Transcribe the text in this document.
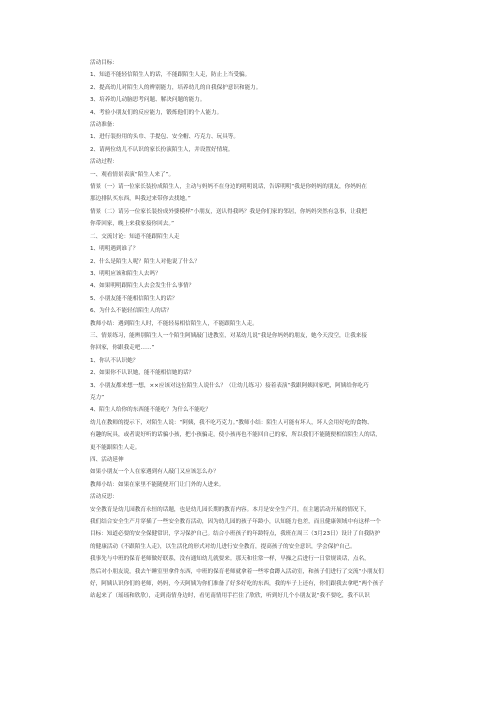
活动目标：
1、知道不能轻信陌生人的话，不能跟陌生人走，防止上当受骗。
2、提高幼儿对陌生人的辨别能力，培养幼儿的自我保护意识和能力。
3、培养幼儿动脑思考问题、解决问题的能力。
4、考验小朋友们的反应能力，锻炼他们的个人能力。
活动准备：
1、进行装扮用的头巾、手提包、安全帽、巧克力、玩具等。
2、请两位幼儿不认识的家长扮演陌生人，并设置好情境。
活动过程：
一、观看情景表演“陌生人来了”。
情景（一）请一位家长装扮成陌生人，主动与妈妈不在身边的明明说话，告诉明明“我是你妈妈的朋友，你妈妈在
那边排队买东西，叫我过来带你去找她。”
情景（二）请另一位家长装扮成外婆模样“小朋友，送认得我吗？我是你们家的邻居，你妈妈突然有急事，让我把
你带回家，晚上来我家接你回去。”
二、交流讨论：知道不能跟陌生人走
1、明明遇到谁了？
2、什么是陌生人呢？陌生人对他说了什么？
3、明明应该和陌生人去吗？
4、如果明明跟陌生人去会发生什么事情？
5、小朋友能不能相信陌生人的话？
6、为什么不能轻信陌生人的话？
教师小结：遇到陌生人时，不能轻易相信陌生人，不能跟陌生人走。
三、情景练习，能辨别陌生人一个陌生阿姨敲门进教室，对某幼儿说“我是你妈妈的朋友，她今天没空，让我来接
你回家，你跟我走吧……”
1、你认不认识她？
2、如果你不认识她，能不能相信她的话？
3、小朋友都来想一想，××应该对这位陌生人说什么？（让幼儿练习）接着表演“我跟阿姨回家吧，阿姨给你吃巧
克力”
4、陌生人给你的东西能不能吃？为什么不能吃？
幼儿在教师的提示下，对陌生人说：“阿姨，我不吃巧克力。”教师小结：陌生人可能有坏人，坏人会用好吃的食物、
有趣的玩具，或者说好听的话骗小孩，把小孩骗走，使小孩再也不能回自己的家，所以我们不能随便相信陌生人的话，
更不能跟陌生人走。
四、活动延伸
如果小朋友一个人在家遇到有人敲门又应该怎么办？
教师小结：如果在家里不能随便开门让门外的人进来。
活动反思：
安全教育是幼儿园教育永恒的话题，也是幼儿园长期的教育内容。本月是安全生产月，在主题活动开展的情况下，
我们结合安全生产月穿插了一些安全教育活动，因为幼儿园的孩子年龄小，认知能力也差，而且健康领域中有这样一个
目标：知道必要的安全保健常识，学习保护自己。结合小班孩子的年龄特点，我班在周三（3月23日）设计了自我防护
的健康活动《不跟陌生人走》，以生活化的形式对幼儿进行安全教育，提高孩子的安全意识，学会保护自己。
我事先与中班的保育老师做好联系，没有通知幼儿就要来。那天和往常一样，早操之后进行一日常规谈话，点名，
然后对小朋友说，我去午睡室里拿件东西，中班的保育老师就拿着一些零食蹲入活动室，和孩子们进行了交流“小朋友们
好，阿姨认识你们的老师，妈妈，今天阿姨为你们准备了好多好吃的东西，我的车子上还有，你们跟我去拿吧”两个孩子
站起来了（瑶瑶和欣欣），走到南情身边时，看见南情用手拦住了欣欣，听到好几个小朋友说“我不要吃，我不认识
